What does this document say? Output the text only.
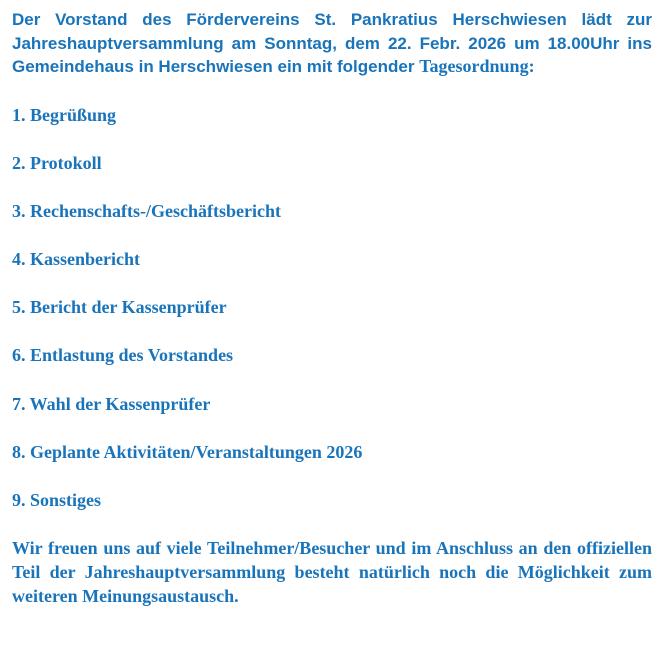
Der Vorstand des Fördervereins St. Pankratius Herschwiesen lädt zur Jahreshauptversammlung am Sonntag, dem 22. Febr. 2026 um 18.00Uhr ins Gemeindehaus in Herschwiesen ein mit folgender Tagesordnung:

1. Begrüßung
2. Protokoll
3. Rechenschafts-/Geschäftsbericht
4. Kassenbericht
5. Bericht der Kassenprüfer
6. Entlastung des Vorstandes
7. Wahl der Kassenprüfer
8. Geplante Aktivitäten/Veranstaltungen 2026
9. Sonstiges

Wir freuen uns auf viele Teilnehmer/Besucher und im Anschluss an den offiziellen Teil der Jahreshauptversammlung besteht natürlich noch die Möglichkeit zum weiteren Meinungsaustausch.
